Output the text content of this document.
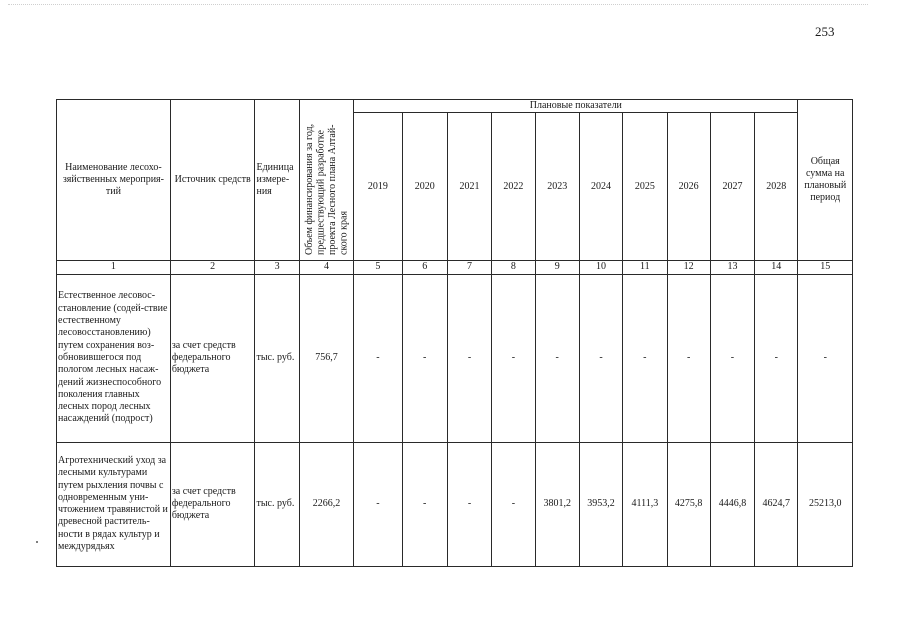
253
Наименование лесохо-зяйственных мероприя-тий	Источник средств	Единица измере-ния	Объем финансирования за год, предшествующий разработке проекта Лесного плана Алтай-ского края	Плановые показатели										Общая сумма на плановый период
				2019	2020	2021	2022	2023	2024	2025	2026	2027	2028	
1	2	3	4	5	6	7	8	9	10	11	12	13	14	15
Естественное лесовос-становление (содей-ствие естественному лесовосстановлению) путем сохранения воз-обновившегося под пологом лесных насаж-дений жизнеспособного поколения главных лесных пород лесных насаждений (подрост)	за счет средств федерального бюджета	тыс. руб.	756,7	-	-	-	-	-	-	-	-	-	-	-
Агротехнический уход за лесными культурами путем рыхления почвы с одновременным уни-чтожением травянистой и древесной раститель-ности в рядах культур и междурядьях	за счет средств федерального бюджета	тыс. руб.	2266,2	-	-	-	-	3801,2	3953,2	4111,3	4275,8	4446,8	4624,7	25213,0
